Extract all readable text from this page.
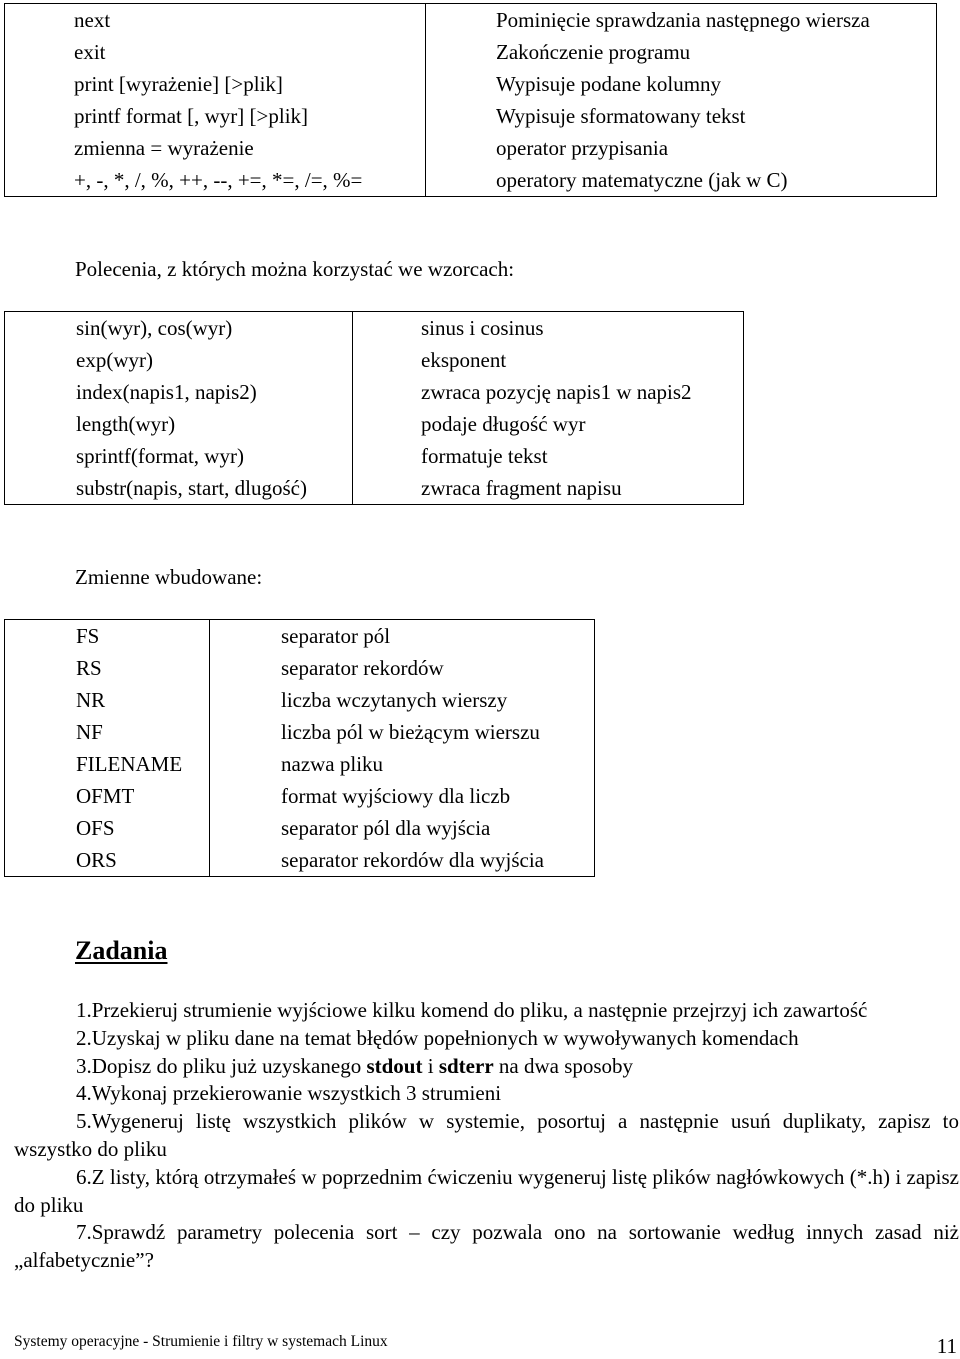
next	Pominięcie sprawdzania następnego wiersza
exit	Zakończenie programu
print [wyrażenie] [>plik]	Wypisuje podane kolumny
printf format [, wyr] [>plik]	Wypisuje sformatowany tekst
zmienna = wyrażenie	operator przypisania
+, -, *, /, %, ++, --, +=, *=, /=, %=	operatory matematyczne (jak w C)
Polecenia, z których można korzystać we wzorcach:
sin(wyr), cos(wyr)	sinus i cosinus
exp(wyr)	eksponent
index(napis1, napis2)	zwraca pozycję napis1 w napis2
length(wyr)	podaje długość wyr
sprintf(format, wyr)	formatuje tekst
substr(napis, start, dlugość)	zwraca fragment napisu
Zmienne wbudowane:
FS	separator pól
RS	separator rekordów
NR	liczba wczytanych wierszy
NF	liczba pól w bieżącym wierszu
FILENAME	nazwa pliku
OFMT	format wyjściowy dla liczb
OFS	separator pól dla wyjścia
ORS	separator rekordów dla wyjścia
Zadania

1.Przekieruj strumienie wyjściowe kilku komend do pliku, a następnie przejrzyj ich zawartość

2.Uzyskaj w pliku dane na temat błędów popełnionych w wywoływanych komendach

3.Dopisz do pliku już uzyskanego stdout i sdterr na dwa sposoby

4.Wykonaj przekierowanie wszystkich 3 strumieni

5.Wygeneruj listę wszystkich plików w systemie, posortuj a następnie usuń duplikaty, zapisz to wszystko do pliku

6.Z listy, którą otrzymałeś w poprzednim ćwiczeniu wygeneruj listę plików nagłówkowych (*.h) i zapisz do pliku

7.Sprawdź parametry polecenia sort – czy pozwala ono na sortowanie według innych zasad niż „alfabetycznie”?

Systemy operacyjne - Strumienie i filtry w systemach Linux	11
